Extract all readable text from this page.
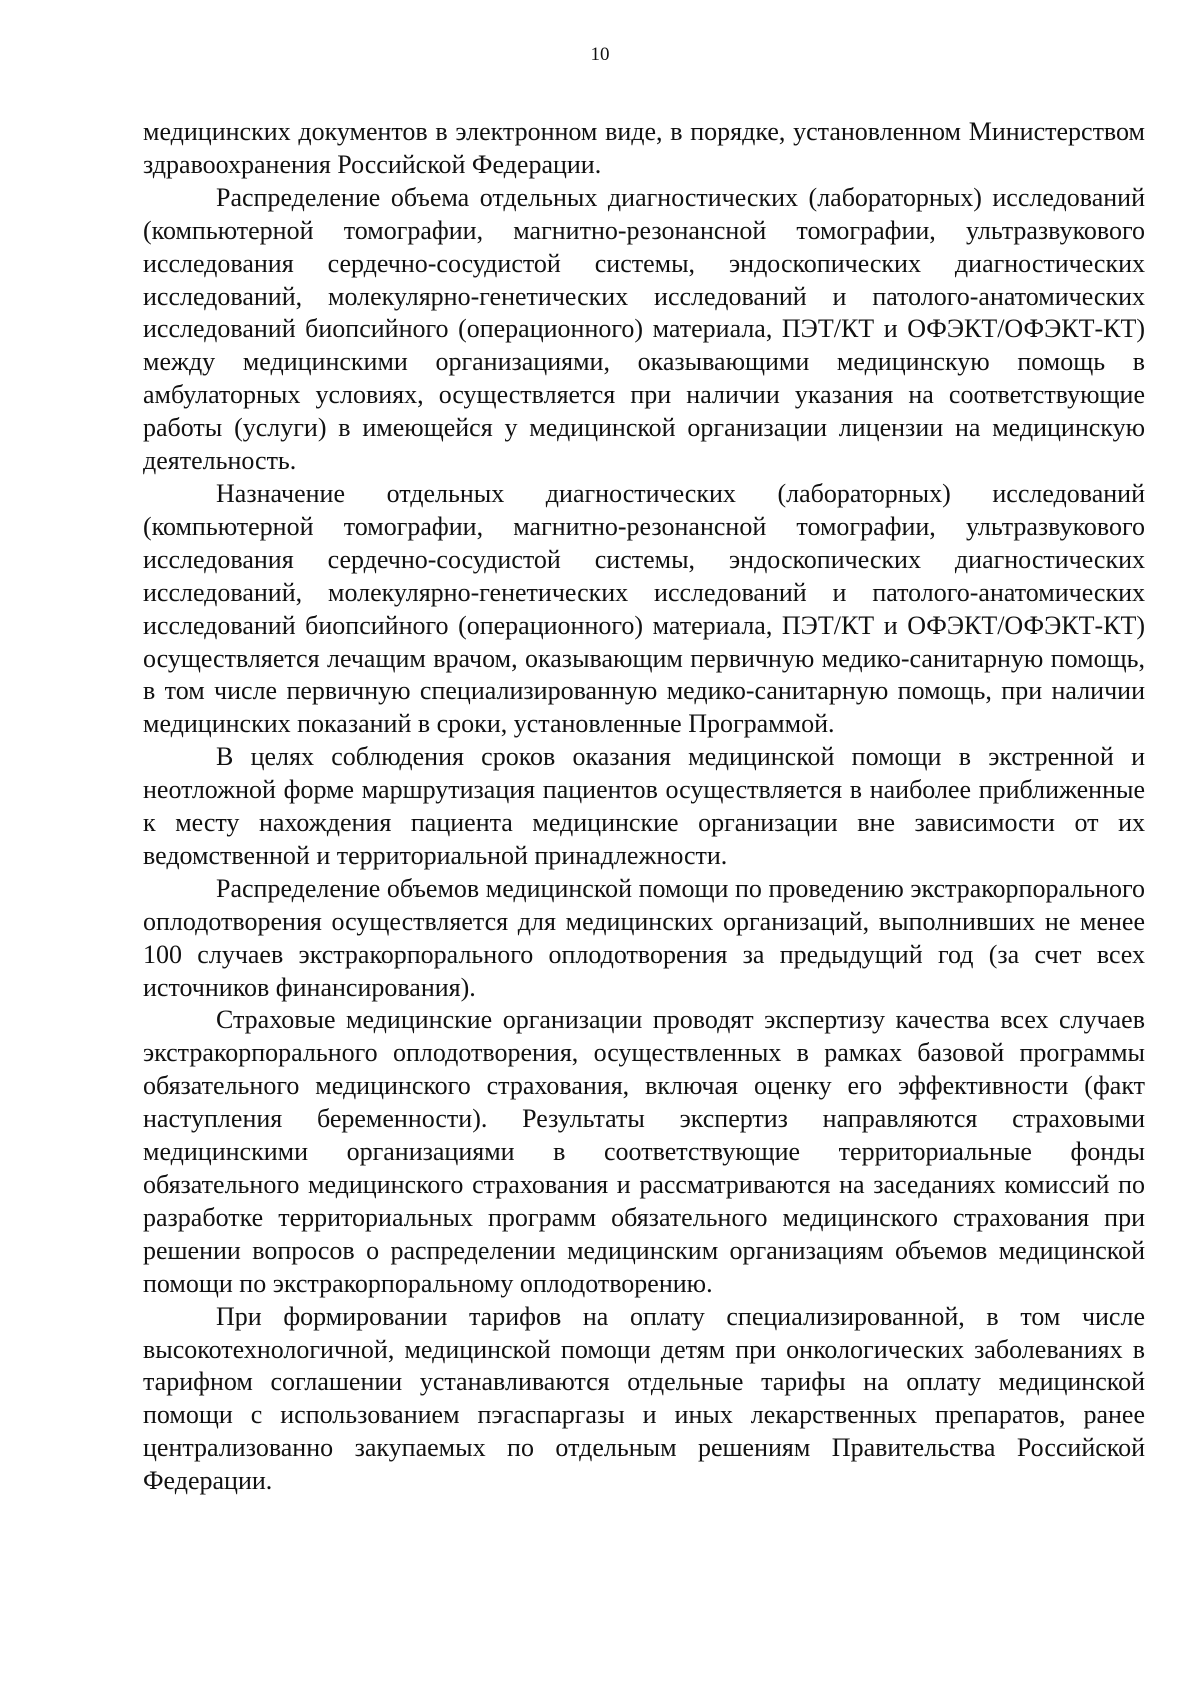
10

медицинских документов в электронном виде, в порядке, установленном Министерством здравоохранения Российской Федерации.

Распределение объема отдельных диагностических (лабораторных) исследований (компьютерной томографии, магнитно-резонансной томографии, ультразвукового исследования сердечно-сосудистой системы, эндоскопических диагностических исследований, молекулярно-генетических исследований и патолого-анатомических исследований биопсийного (операционного) материала, ПЭТ/КТ и ОФЭКТ/ОФЭКТ-КТ) между медицинскими организациями, оказывающими медицинскую помощь в амбулаторных условиях, осуществляется при наличии указания на соответствующие работы (услуги) в имеющейся у медицинской организации лицензии на медицинскую деятельность.

Назначение отдельных диагностических (лабораторных) исследований (компьютерной томографии, магнитно-резонансной томографии, ультразвукового исследования сердечно-сосудистой системы, эндоскопических диагностических исследований, молекулярно-генетических исследований и патолого-анатомических исследований биопсийного (операционного) материала, ПЭТ/КТ и ОФЭКТ/ОФЭКТ-КТ) осуществляется лечащим врачом, оказывающим первичную медико-санитарную помощь, в том числе первичную специализированную медико-санитарную помощь, при наличии медицинских показаний в сроки, установленные Программой.

В целях соблюдения сроков оказания медицинской помощи в экстренной и неотложной форме маршрутизация пациентов осуществляется в наиболее приближенные к месту нахождения пациента медицинские организации вне зависимости от их ведомственной и территориальной принадлежности.

Распределение объемов медицинской помощи по проведению экстракорпорального оплодотворения осуществляется для медицинских организаций, выполнивших не менее 100 случаев экстракорпорального оплодотворения за предыдущий год (за счет всех источников финансирования).

Страховые медицинские организации проводят экспертизу качества всех случаев экстракорпорального оплодотворения, осуществленных в рамках базовой программы обязательного медицинского страхования, включая оценку его эффективности (факт наступления беременности). Результаты экспертиз направляются страховыми медицинскими организациями в соответствующие территориальные фонды обязательного медицинского страхования и рассматриваются на заседаниях комиссий по разработке территориальных программ обязательного медицинского страхования при решении вопросов о распределении медицинским организациям объемов медицинской помощи по экстракорпоральному оплодотворению.

При формировании тарифов на оплату специализированной, в том числе высокотехнологичной, медицинской помощи детям при онкологических заболеваниях в тарифном соглашении устанавливаются отдельные тарифы на оплату медицинской помощи с использованием пэгаспаргазы и иных лекарственных препаратов, ранее централизованно закупаемых по отдельным решениям Правительства Российской Федерации.
